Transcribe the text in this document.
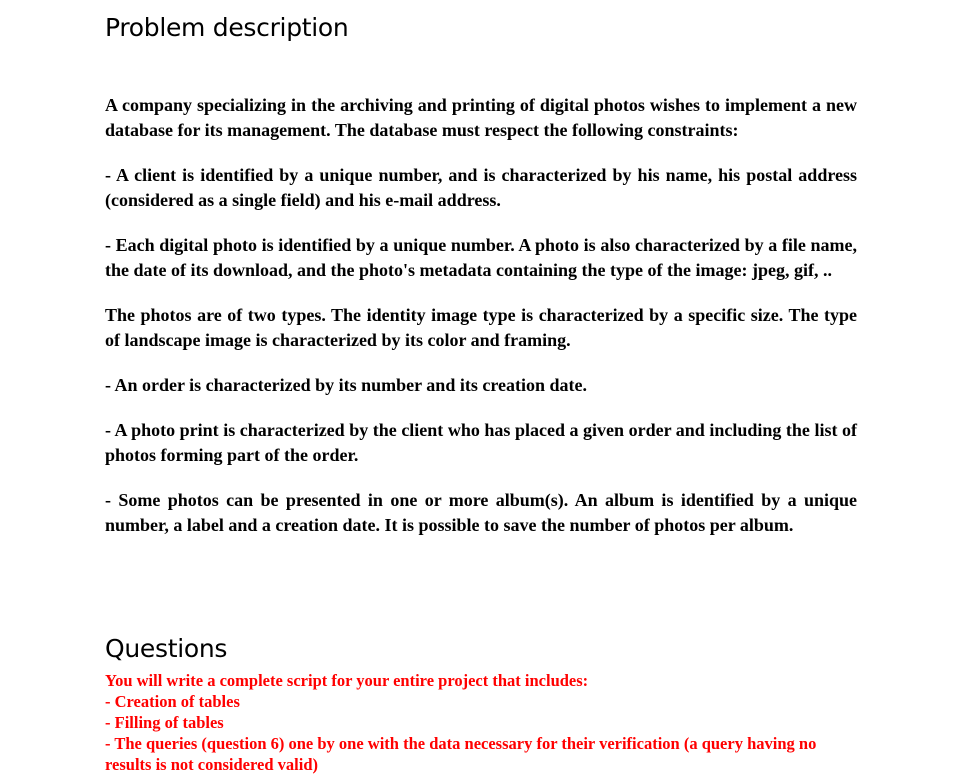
Problem description

A company specializing in the archiving and printing of digital photos wishes to implement a new database for its management. The database must respect the following constraints:

- A client is identified by a unique number, and is characterized by his name, his postal address (considered as a single field) and his e-mail address.

- Each digital photo is identified by a unique number. A photo is also characterized by a file name, the date of its download, and the photo's metadata containing the type of the image: jpeg, gif, ..

The photos are of two types. The identity image type is characterized by a specific size. The type of landscape image is characterized by its color and framing.

- An order is characterized by its number and its creation date.

- A photo print is characterized by the client who has placed a given order and including the list of photos forming part of the order.

- Some photos can be presented in one or more album(s). An album is identified by a unique number, a label and a creation date. It is possible to save the number of photos per album.

Questions

You will write a complete script for your entire project that includes:

- Creation of tables

- Filling of tables

- The queries (question 6) one by one with the data necessary for their verification (a query having no results is not considered valid)
